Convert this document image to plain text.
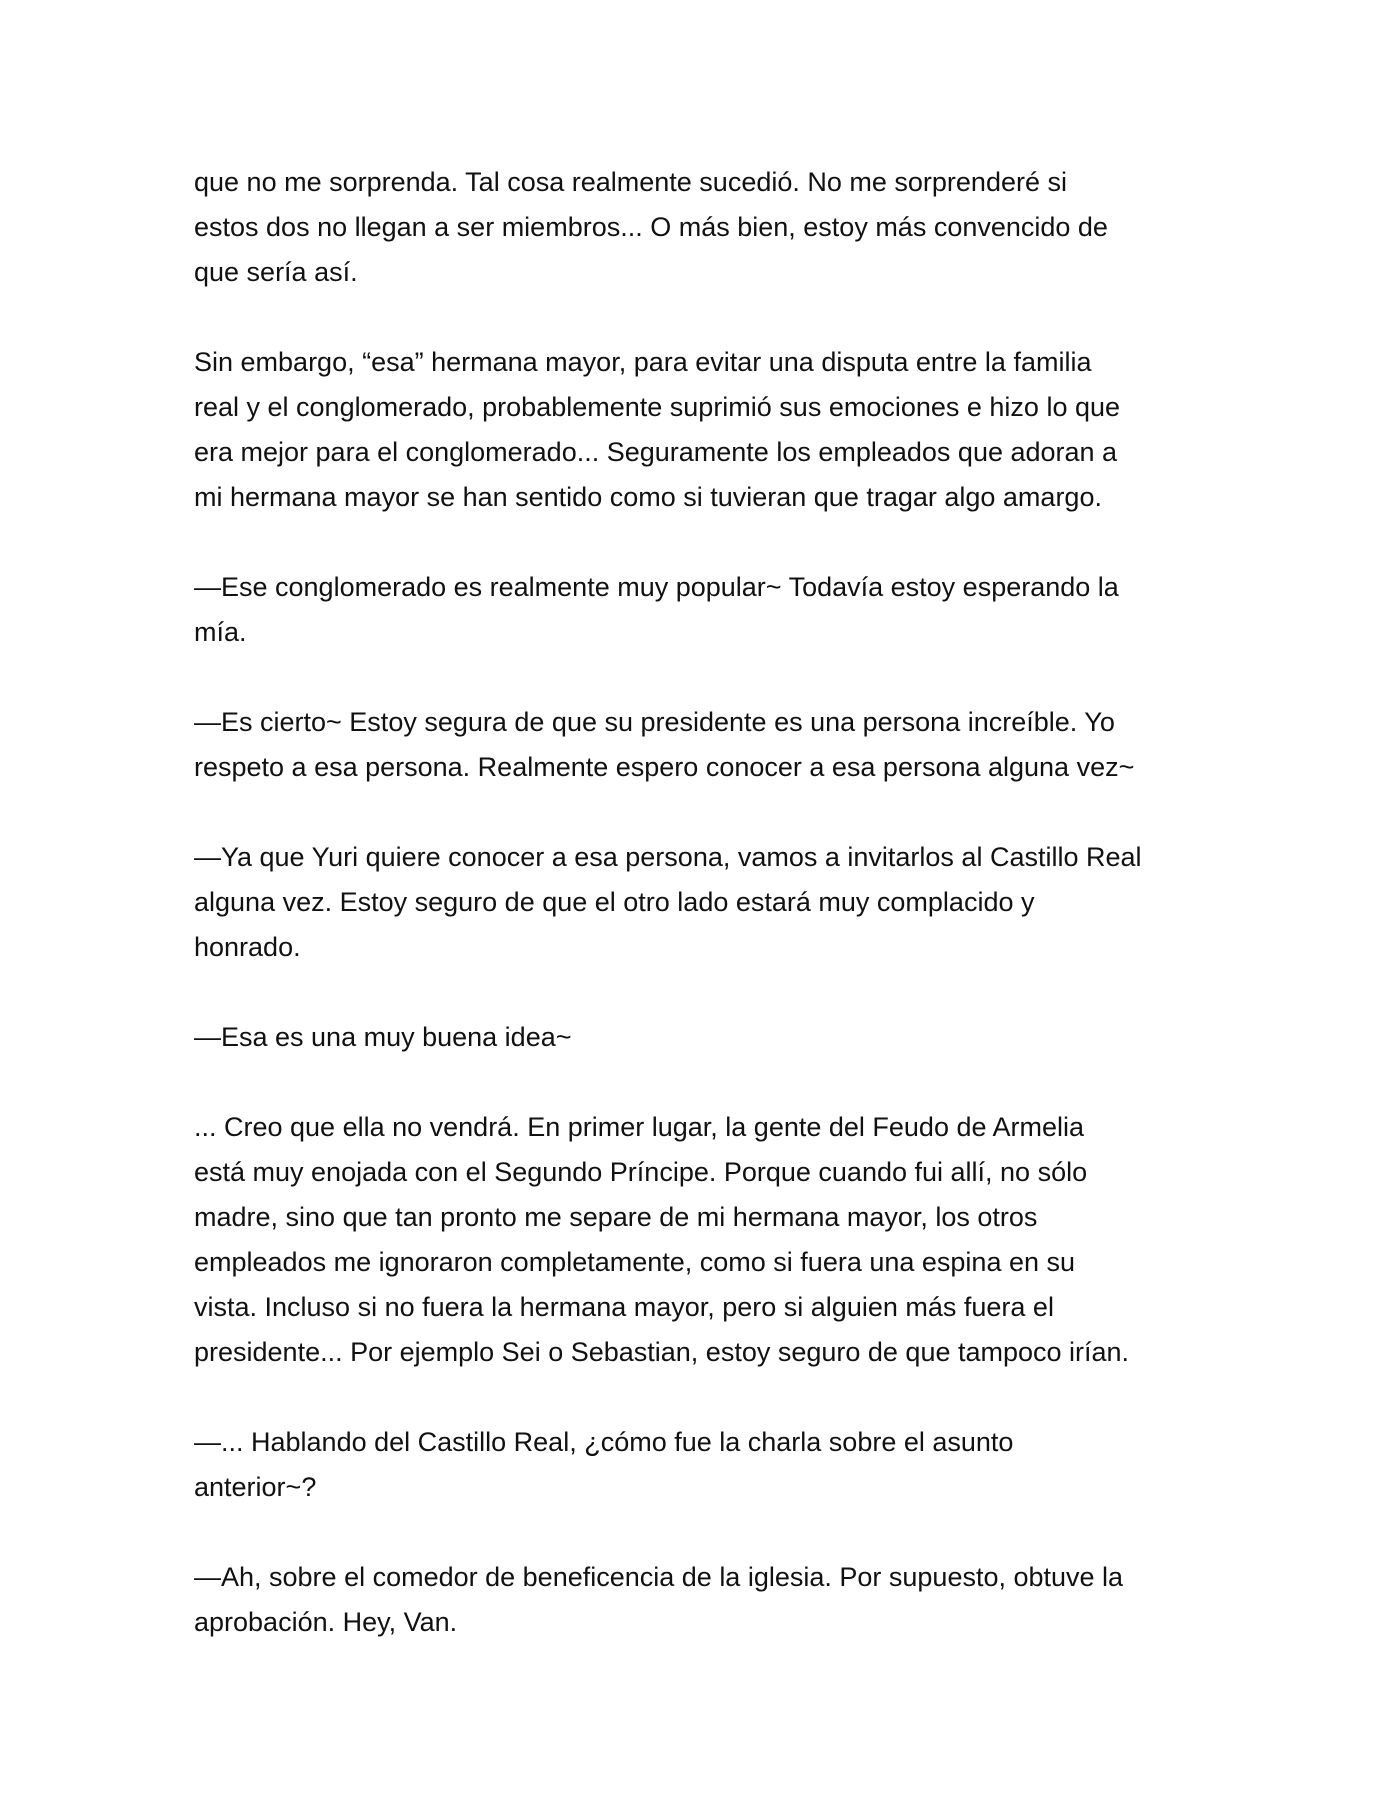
que no me sorprenda. Tal cosa realmente sucedió. No me sorprenderé si
estos dos no llegan a ser miembros... O más bien, estoy más convencido de
que sería así.

Sin embargo, “esa” hermana mayor, para evitar una disputa entre la familia
real y el conglomerado, probablemente suprimió sus emociones e hizo lo que
era mejor para el conglomerado... Seguramente los empleados que adoran a
mi hermana mayor se han sentido como si tuvieran que tragar algo amargo.

—Ese conglomerado es realmente muy popular~ Todavía estoy esperando la
mía.

—Es cierto~ Estoy segura de que su presidente es una persona increíble. Yo
respeto a esa persona. Realmente espero conocer a esa persona alguna vez~

—Ya que Yuri quiere conocer a esa persona, vamos a invitarlos al Castillo Real
alguna vez. Estoy seguro de que el otro lado estará muy complacido y
honrado.

—Esa es una muy buena idea~

... Creo que ella no vendrá. En primer lugar, la gente del Feudo de Armelia
está muy enojada con el Segundo Príncipe. Porque cuando fui allí, no sólo
madre, sino que tan pronto me separe de mi hermana mayor, los otros
empleados me ignoraron completamente, como si fuera una espina en su
vista. Incluso si no fuera la hermana mayor, pero si alguien más fuera el
presidente... Por ejemplo Sei o Sebastian, estoy seguro de que tampoco irían.

—... Hablando del Castillo Real, ¿cómo fue la charla sobre el asunto
anterior~?

—Ah, sobre el comedor de beneficencia de la iglesia. Por supuesto, obtuve la
aprobación. Hey, Van.
